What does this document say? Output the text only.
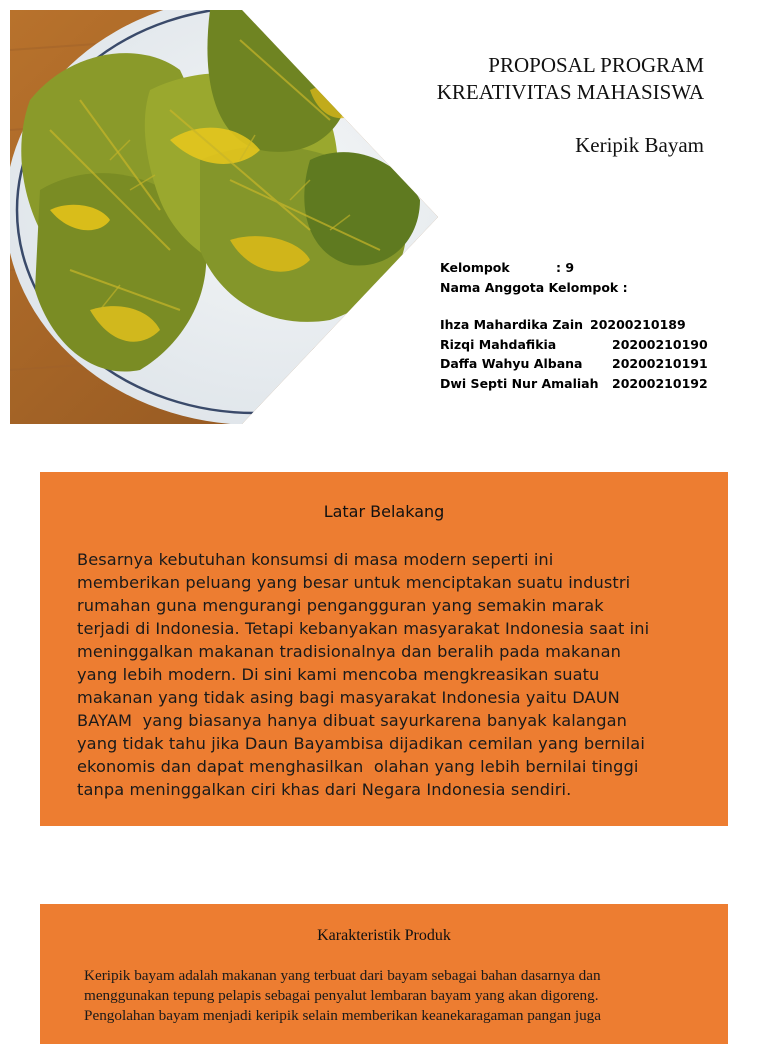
PROPOSAL PROGRAM
KREATIVITAS MAHASISWA
Keripik Bayam
Kelompok	: 9
Nama Anggota Kelompok :
Ihza Mahardika Zain 20200210189
Rizqi Mahdafikia	20200210190
Daffa Wahyu Albana	20200210191
Dwi Septi Nur Amaliah	20200210192
Latar Belakang
Besarnya kebutuhan konsumsi di masa modern seperti ini
memberikan peluang yang besar untuk menciptakan suatu industri
rumahan guna mengurangi pengangguran yang semakin marak
terjadi di Indonesia. Tetapi kebanyakan masyarakat Indonesia saat ini
meninggalkan makanan tradisionalnya dan beralih pada makanan
yang lebih modern. Di sini kami mencoba mengkreasikan suatu
makanan yang tidak asing bagi masyarakat Indonesia yaitu DAUN
BAYAM  yang biasanya hanya dibuat sayurkarena banyak kalangan
yang tidak tahu jika Daun Bayambisa dijadikan cemilan yang bernilai
ekonomis dan dapat menghasilkan  olahan yang lebih bernilai tinggi
tanpa meninggalkan ciri khas dari Negara Indonesia sendiri.
Karakteristik Produk
Keripik bayam adalah makanan yang terbuat dari bayam sebagai bahan dasarnya dan
menggunakan tepung pelapis sebagai penyalut lembaran bayam yang akan digoreng.
Pengolahan bayam menjadi keripik selain memberikan keanekaragaman pangan juga
